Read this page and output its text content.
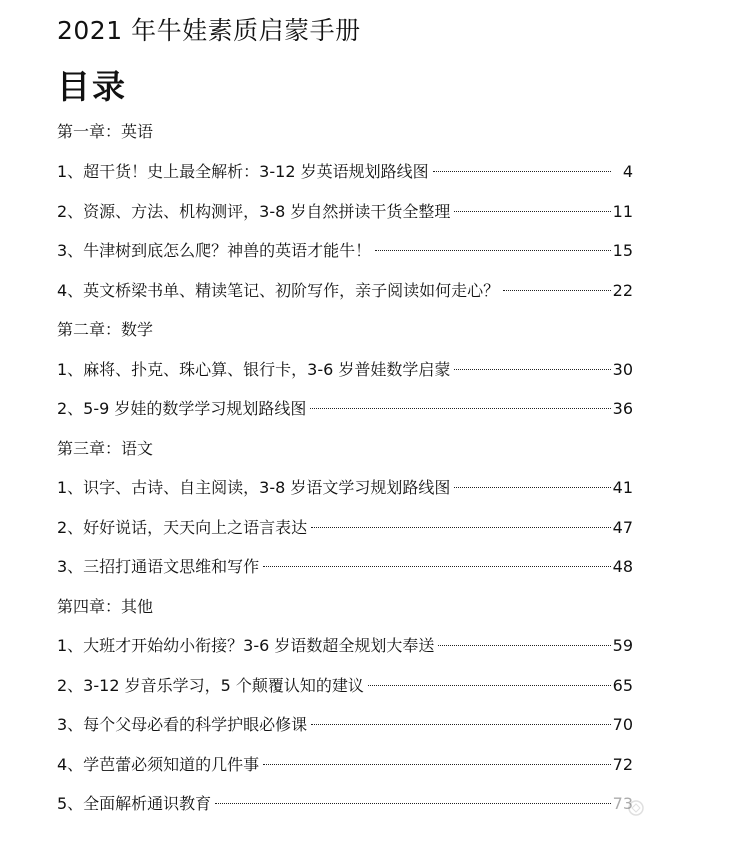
2021 年牛娃素质启蒙手册
目录
第一章：英语
1、超干货！史上最全解析：3-12 岁英语规划路线图	4
2、资源、方法、机构测评，3-8 岁自然拼读干货全整理	11
3、牛津树到底怎么爬？神兽的英语才能牛！	15
4、英文桥梁书单、精读笔记、初阶写作，亲子阅读如何走心？	22
第二章：数学
1、麻将、扑克、珠心算、银行卡，3-6 岁普娃数学启蒙	30
2、5-9 岁娃的数学学习规划路线图	36
第三章：语文
1、识字、古诗、自主阅读，3-8 岁语文学习规划路线图	41
2、好好说话，天天向上之语言表达	47
3、三招打通语文思维和写作	48
第四章：其他
1、大班才开始幼小衔接？3-6 岁语数超全规划大奉送	59
2、3-12 岁音乐学习，5 个颠覆认知的建议	65
3、每个父母必看的科学护眼必修课	70
4、学芭蕾必须知道的几件事	72
5、全面解析通识教育	73
